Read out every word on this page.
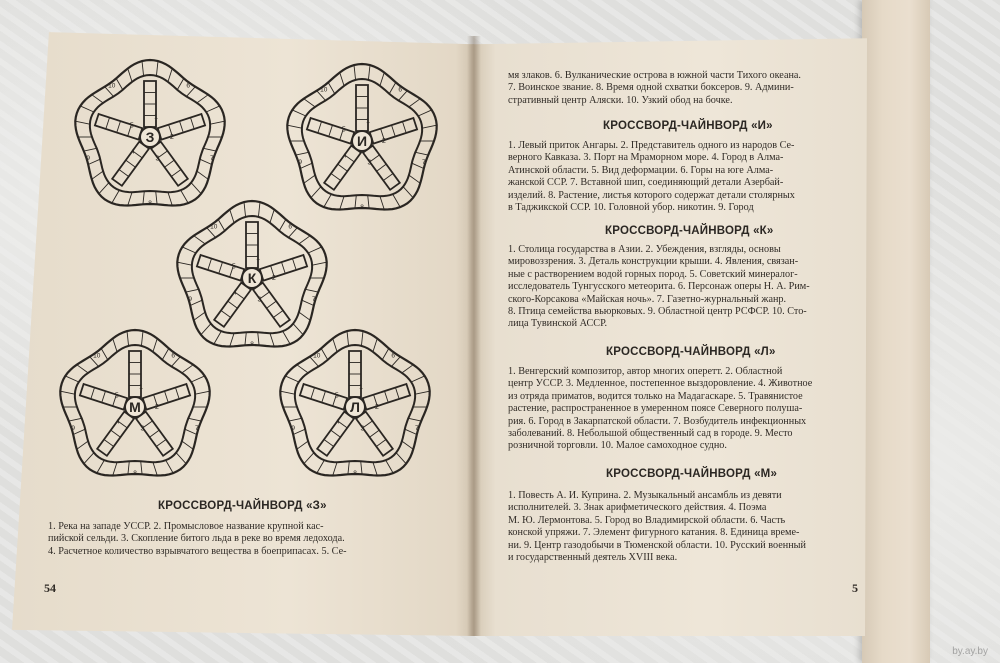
1
2
3
4
5
6
7
8
9
10
З
1
2
3
4
5
6
7
8
9
10
И
1
2
3
4
5
6
7
8
9
10
К
1
2
3
4
5
6
7
8
9
10
М
1
2
3
4
5
6
7
8
9
10
Л
КРОССВОРД-ЧАЙНВОРД «З»
1. Река на западе УССР. 2. Промысловое название крупной кас-
пийской сельди. 3. Скопление битого льда в реке во время ледохода.
4. Расчетное количество взрывчатого вещества в боеприпасах. 5. Се-
54
мя злаков. 6. Вулканические острова в южной части Тихого океана.
7. Воинское звание. 8. Время одной схватки боксеров. 9. Админи-
стративный центр Аляски. 10. Узкий обод на бочке.
КРОССВОРД-ЧАЙНВОРД «И»
1. Левый приток Ангары. 2. Представитель одного из народов Се-
верного Кавказа. 3. Порт на Мраморном море. 4. Город в Алма-
Атинской области. 5. Вид деформации. 6. Горы на юге Алма-
жанской ССР. 7. Вставной шип, соединяющий детали Азербай-
изделий. 8. Растение, листья которого содержат детали столярных
в Таджикской ССР. 10. Головной убор. никотин. 9. Город
КРОССВОРД-ЧАЙНВОРД «К»
1. Столица государства в Азии. 2. Убеждения, взгляды, основы
мировоззрения. 3. Деталь конструкции крыши. 4. Явления, связан-
ные с растворением водой горных пород. 5. Советский минералог-
исследователь Тунгусского метеорита. 6. Персонаж оперы Н. А. Рим-
ского-Корсакова «Майская ночь». 7. Газетно-журнальный жанр.
8. Птица семейства вьюрковых. 9. Областной центр РСФСР. 10. Сто-
лица Тувинской АССР.
КРОССВОРД-ЧАЙНВОРД «Л»
1. Венгерский композитор, автор многих оперетт. 2. Областной
центр УССР. 3. Медленное, постепенное выздоровление. 4. Животное
из отряда приматов, водится только на Мадагаскаре. 5. Травянистое
растение, распространенное в умеренном поясе Северного полуша-
рия. 6. Город в Закарпатской области. 7. Возбудитель инфекционных
заболеваний. 8. Небольшой общественный сад в городе. 9. Место
розничной торговли. 10. Малое самоходное судно.
КРОССВОРД-ЧАЙНВОРД «М»
1. Повесть А. И. Куприна. 2. Музыкальный ансамбль из девяти
исполнителей. 3. Знак арифметического действия. 4. Поэма
М. Ю. Лермонтова. 5. Город во Владимирской области. 6. Часть
конской упряжи. 7. Элемент фигурного катания. 8. Единица време-
ни. 9. Центр газодобычи в Тюменской области. 10. Русский военный
и государственный деятель XVIII века.
5
by.ay.by
